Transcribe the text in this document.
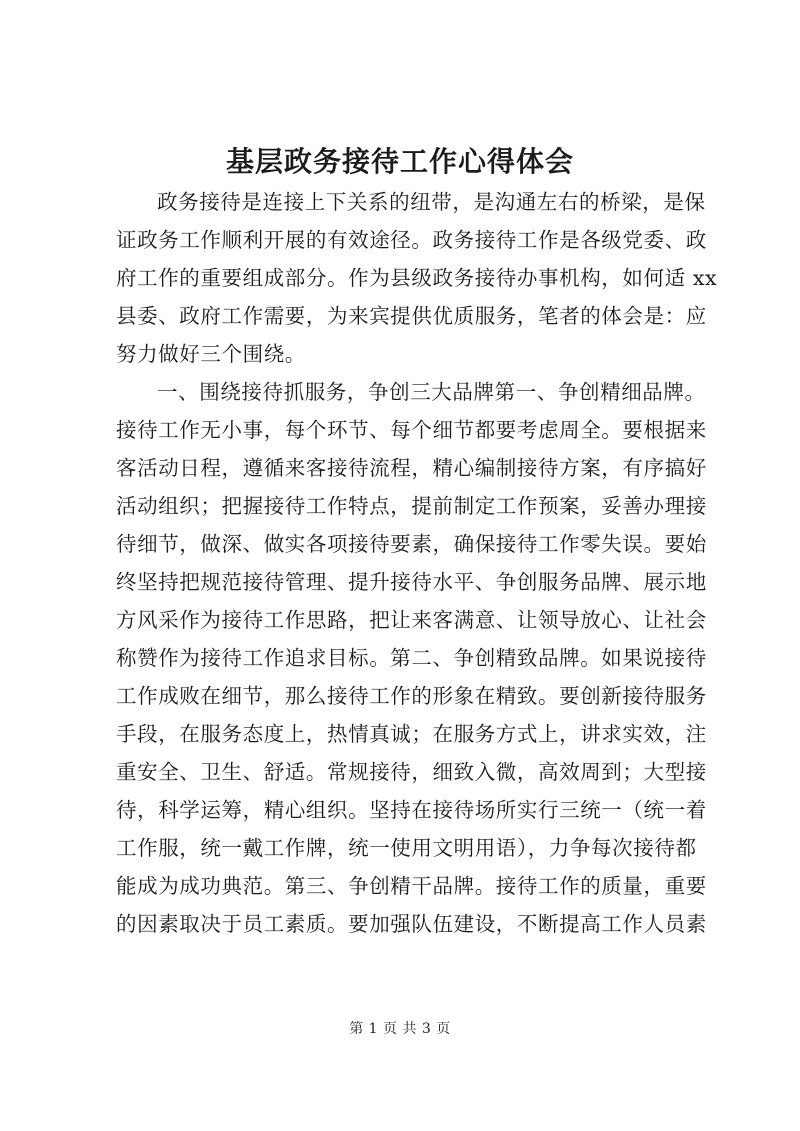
基层政务接待工作心得体会
政务接待是连接上下关系的纽带，是沟通左右的桥梁，是保
证政务工作顺利开展的有效途径。政务接待工作是各级党委、政
府工作的重要组成部分。作为县级政务接待办事机构，如何适 xx
县委、政府工作需要，为来宾提供优质服务，笔者的体会是：应
努力做好三个围绕。
一、围绕接待抓服务，争创三大品牌第一、争创精细品牌。
接待工作无小事，每个环节、每个细节都要考虑周全。要根据来
客活动日程，遵循来客接待流程，精心编制接待方案，有序搞好
活动组织；把握接待工作特点，提前制定工作预案，妥善办理接
待细节，做深、做实各项接待要素，确保接待工作零失误。要始
终坚持把规范接待管理、提升接待水平、争创服务品牌、展示地
方风采作为接待工作思路，把让来客满意、让领导放心、让社会
称赞作为接待工作追求目标。第二、争创精致品牌。如果说接待
工作成败在细节，那么接待工作的形象在精致。要创新接待服务
手段，在服务态度上，热情真诚；在服务方式上，讲求实效，注
重安全、卫生、舒适。常规接待，细致入微，高效周到；大型接
待，科学运筹，精心组织。坚持在接待场所实行三统一（统一着
工作服，统一戴工作牌，统一使用文明用语），力争每次接待都
能成为成功典范。第三、争创精干品牌。接待工作的质量，重要
的因素取决于员工素质。要加强队伍建设，不断提高工作人员素
第 1 页 共 3 页
